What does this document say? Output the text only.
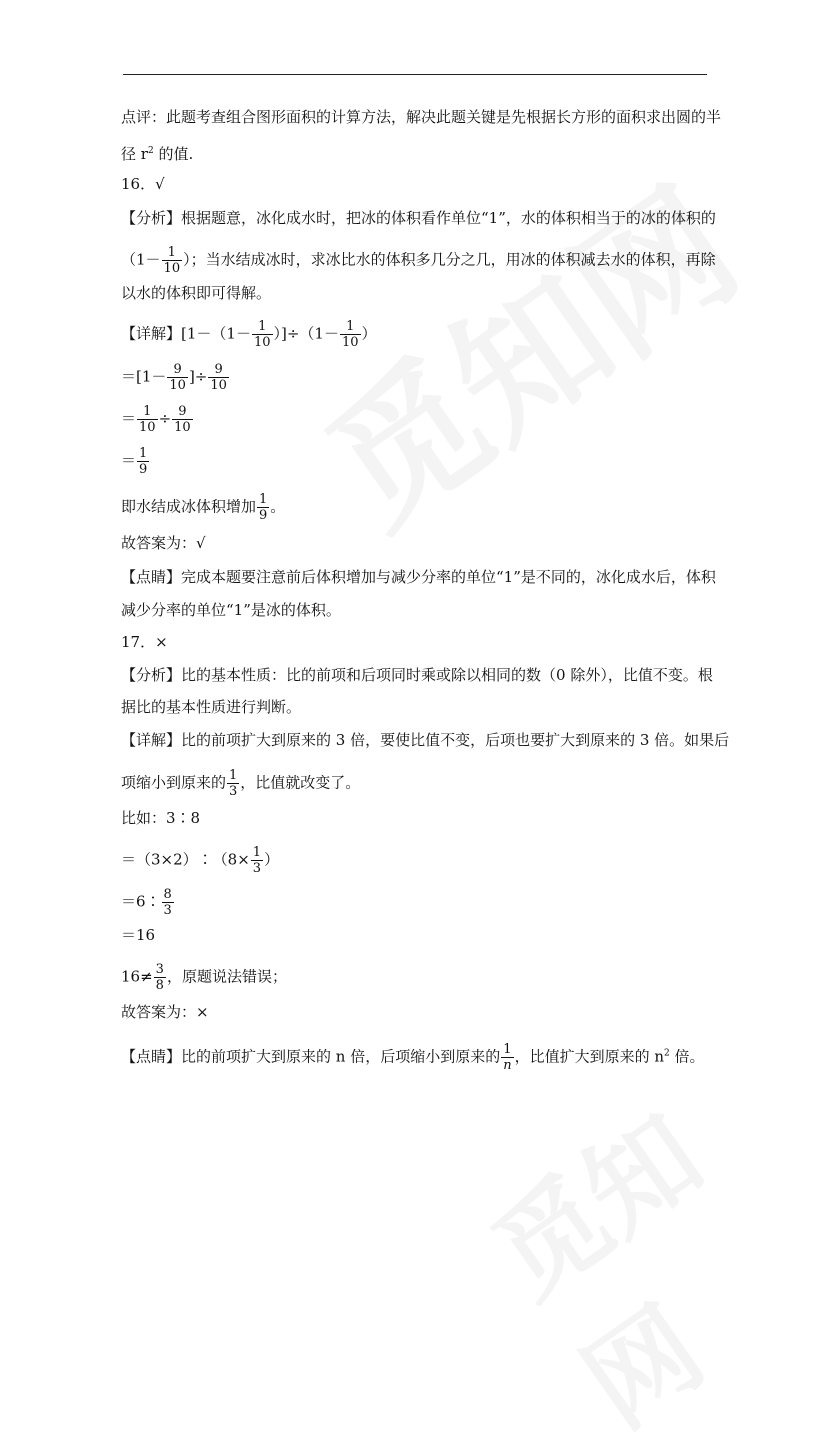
点评：此题考查组合图形面积的计算方法，解决此题关键是先根据长方形的面积求出圆的半
径 $r^2$ 的值.
16．√
【分析】根据题意，冰化成水时，把冰的体积看作单位“1”，水的体积相当于的冰的体积的
（$1- \frac{1}{10}$ ）；当水结成冰时，求冰比水的体积多几分之几，用冰的体积减去水的体积，再除
以水的体积即可得解。
【详解】$[1-(1- \frac{1}{10} )]\div(1- \frac{1}{10}$ ）
$=[1- \frac{9}{10}$ ]÷ $\frac{9}{10}$
＝ $\frac{1}{10} \div \frac{9}{10}$
＝ $\frac{1}{9}$
即水结成冰体积增加 $\frac{1}{9}$ 。
故答案为：√
【点睛】完成本题要注意前后体积增加与减少分率的单位“1”是不同的，冰化成水后，体积
减少分率的单位“1”是冰的体积。
17．×
【分析】比的基本性质：比的前项和后项同时乘或除以相同的数（0 除外），比值不变。根
据比的基本性质进行判断。
【详解】比的前项扩大到原来的 3 倍，要使比值不变，后项也要扩大到原来的 3 倍。如果后
项缩小到原来的 $\frac{1}{3}$ ，比值就改变了。
比如：3∶8
＝（3×2）∶（8× $\frac{1}{3}$ ）
＝6∶ $\frac{8}{3}$
＝16
$16\ne \frac{3}{8}$ ，原题说法错误；
故答案为：×
【点睛】比的前项扩大到原来的 n 倍，后项缩小到原来的 $\frac{1}{n}$ ，比值扩大到原来的 $n^2$ 倍。
